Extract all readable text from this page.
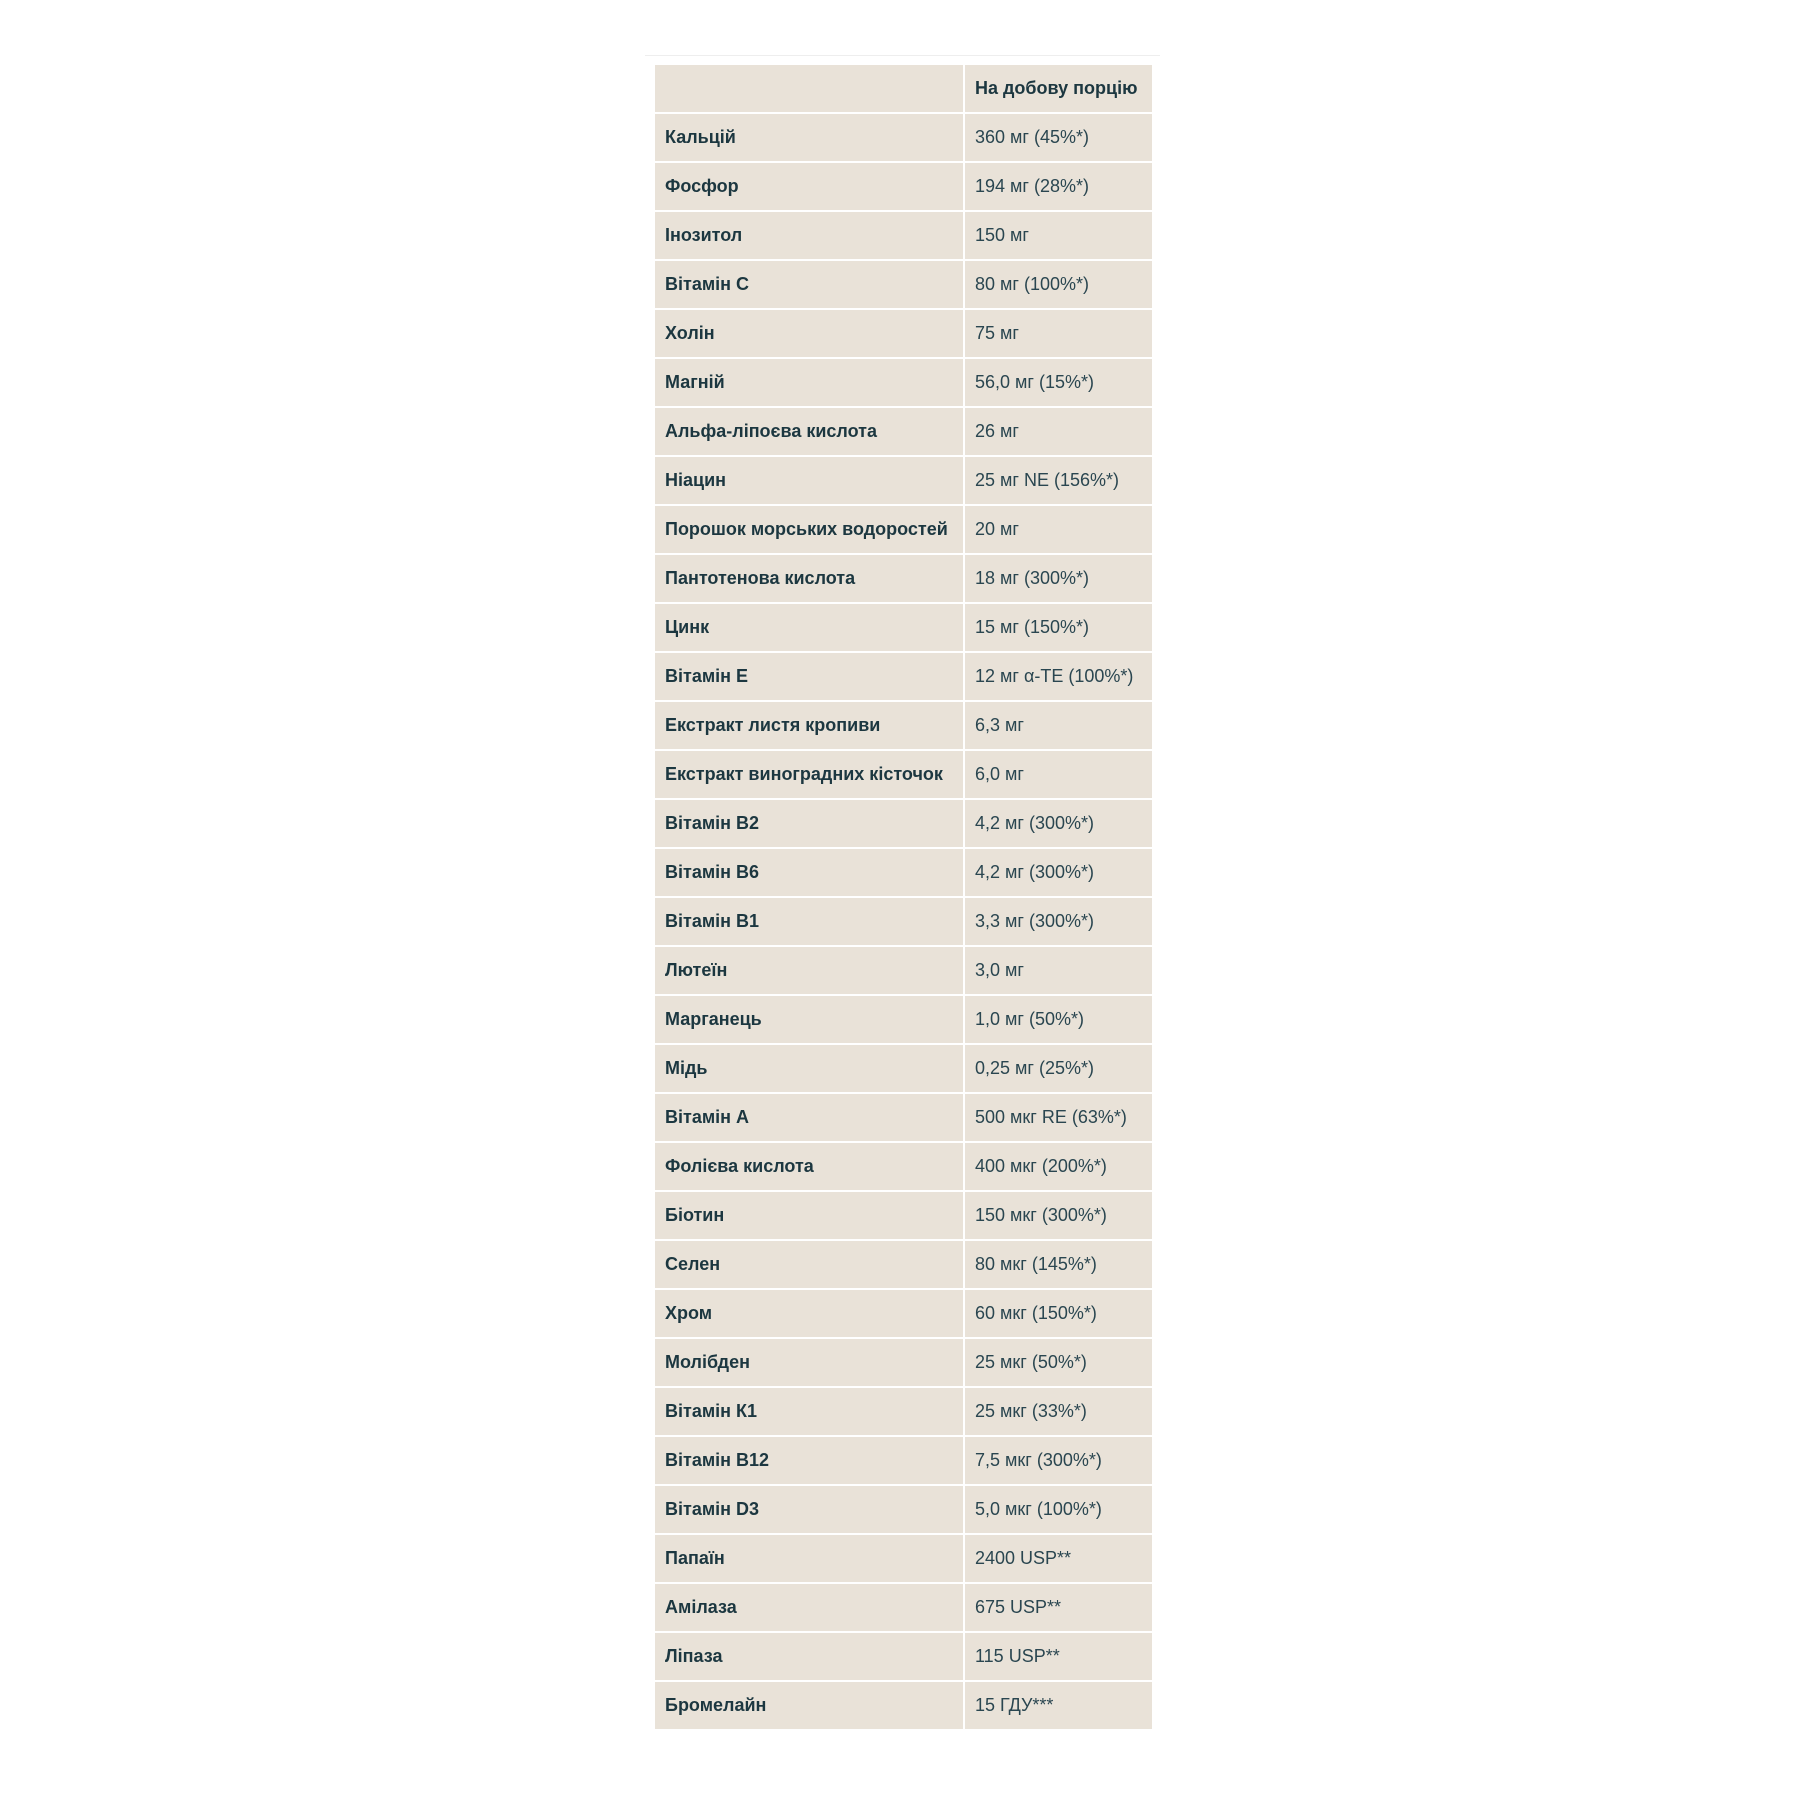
	На добову порцію
Кальцій	360 мг (45%*)
Фосфор	194 мг (28%*)
Інозитол	150 мг
Вітамін С	80 мг (100%*)
Холін	75 мг
Магній	56,0 мг (15%*)
Альфа-ліпоєва кислота	26 мг
Ніацин	25 мг NE (156%*)
Порошок морських водоростей	20 мг
Пантотенова кислота	18 мг (300%*)
Цинк	15 мг (150%*)
Вітамін Е	12 мг α-ТЕ (100%*)
Екстракт листя кропиви	6,3 мг
Екстракт виноградних кісточок	6,0 мг
Вітамін В2	4,2 мг (300%*)
Вітамін В6	4,2 мг (300%*)
Вітамін В1	3,3 мг (300%*)
Лютеїн	3,0 мг
Марганець	1,0 мг (50%*)
Мідь	0,25 мг (25%*)
Вітамін А	500 мкг RE (63%*)
Фолієва кислота	400 мкг (200%*)
Біотин	150 мкг (300%*)
Селен	80 мкг (145%*)
Хром	60 мкг (150%*)
Молібден	25 мкг (50%*)
Вітамін К1	25 мкг (33%*)
Вітамін В12	7,5 мкг (300%*)
Вітамін D3	5,0 мкг (100%*)
Папаїн	2400 USP**
Амілаза	675 USP**
Ліпаза	115 USP**
Бромелайн	15 ГДУ***
